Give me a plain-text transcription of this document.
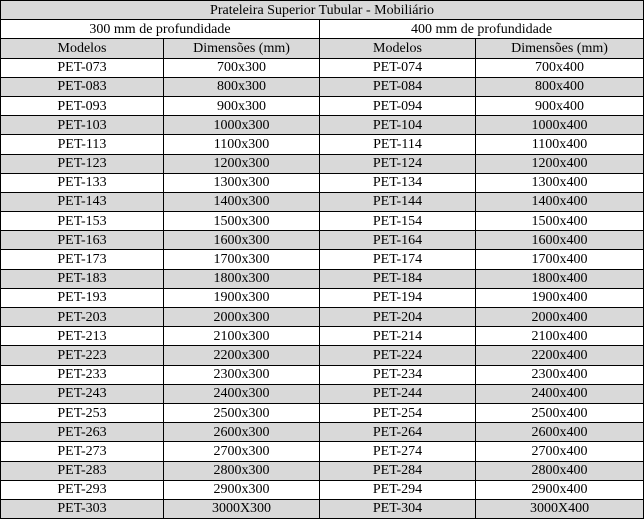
Prateleira Superior Tubular - Mobiliário			
300 mm de profundidade		400 mm de profundidade	
Modelos	Dimensões (mm)	Modelos	Dimensões (mm)
PET-073	700x300	PET-074	700x400
PET-083	800x300	PET-084	800x400
PET-093	900x300	PET-094	900x400
PET-103	1000x300	PET-104	1000x400
PET-113	1100x300	PET-114	1100x400
PET-123	1200x300	PET-124	1200x400
PET-133	1300x300	PET-134	1300x400
PET-143	1400x300	PET-144	1400x400
PET-153	1500x300	PET-154	1500x400
PET-163	1600x300	PET-164	1600x400
PET-173	1700x300	PET-174	1700x400
PET-183	1800x300	PET-184	1800x400
PET-193	1900x300	PET-194	1900x400
PET-203	2000x300	PET-204	2000x400
PET-213	2100x300	PET-214	2100x400
PET-223	2200x300	PET-224	2200x400
PET-233	2300x300	PET-234	2300x400
PET-243	2400x300	PET-244	2400x400
PET-253	2500x300	PET-254	2500x400
PET-263	2600x300	PET-264	2600x400
PET-273	2700x300	PET-274	2700x400
PET-283	2800x300	PET-284	2800x400
PET-293	2900x300	PET-294	2900x400
PET-303	3000X300	PET-304	3000X400
